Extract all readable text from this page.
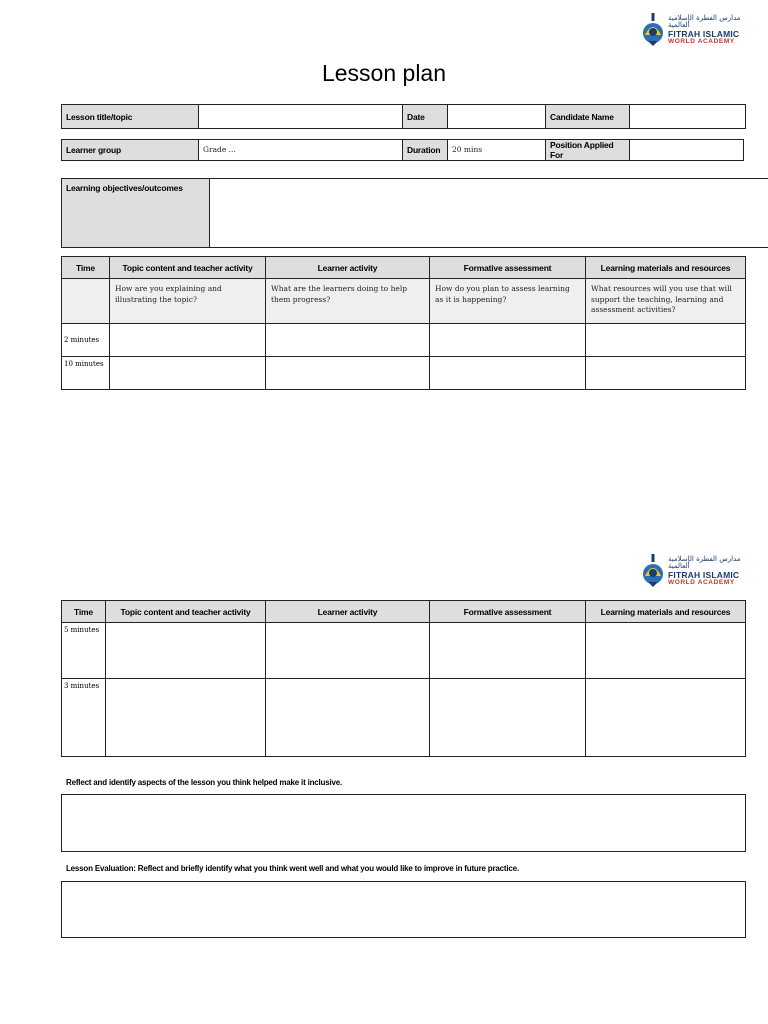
مدارس الفطرة الإسلامية العالمية
FITRAH ISLAMIC
WORLD ACADEMY
Lesson plan
Lesson title/topic		Date		Candidate Name	
Learner group	Grade ...	Duration	20 mins	Position Applied For	
Learning objectives/outcomes
Time	Topic content and teacher activity	Learner activity	Formative assessment	Learning materials and resources
	How are you explaining and illustrating the topic?	What are the learners doing to help them progress?	How do you plan to assess learning as it is happening?	What resources will you use that will support the teaching, learning and assessment activities?
2 minutes				
10 minutes				
مدارس الفطرة الإسلامية العالمية
FITRAH ISLAMIC
WORLD ACADEMY
Time	Topic content and teacher activity	Learner activity	Formative assessment	Learning materials and resources
5 minutes				
3 minutes				
Reflect and identify aspects of the lesson you think helped make it inclusive.
Lesson Evaluation: Reflect and briefly identify what you think went well and what you would like to improve in future practice.
